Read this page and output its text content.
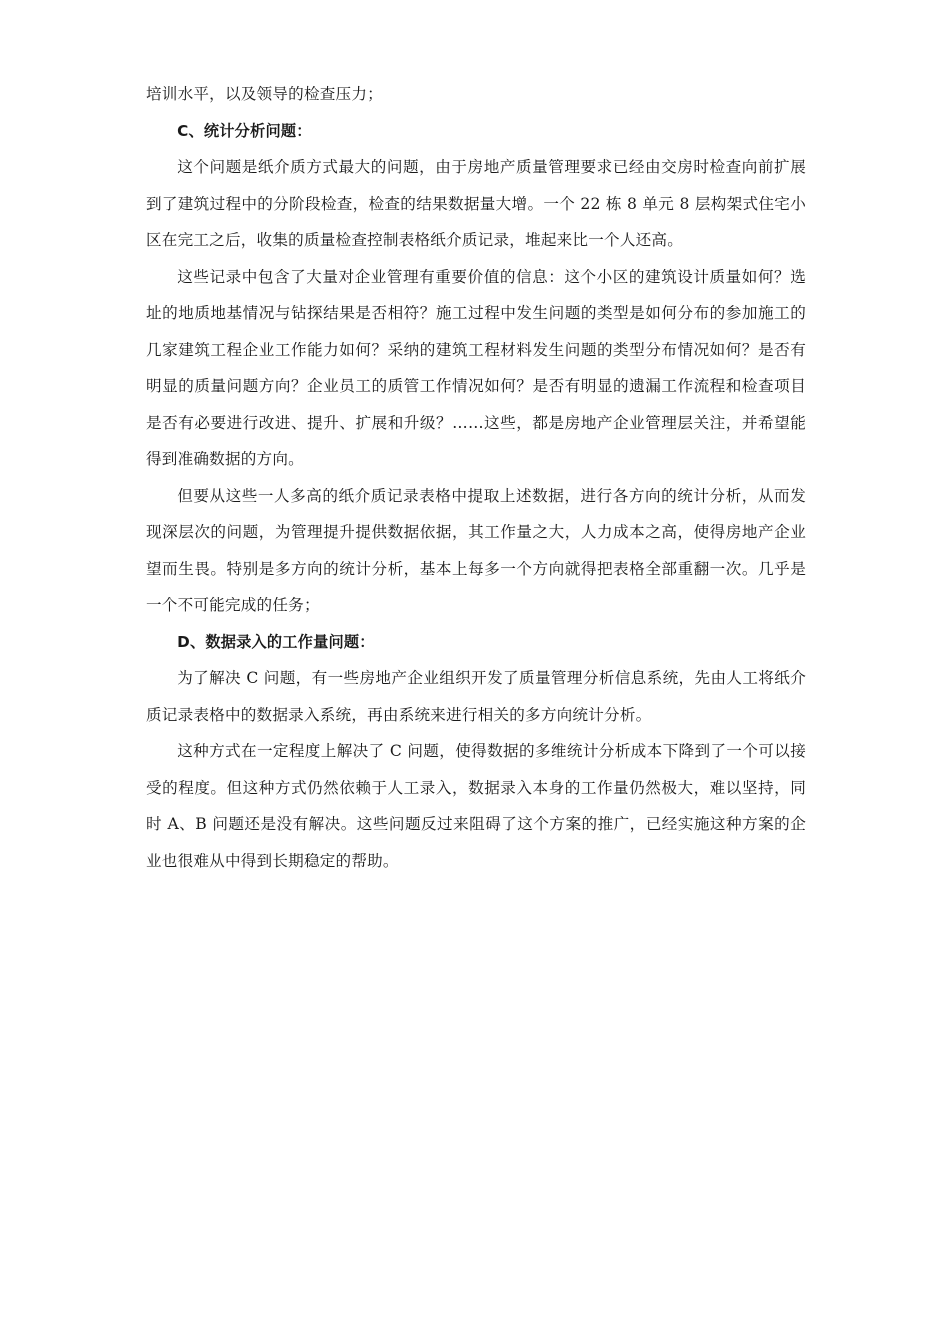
培训水平，以及领导的检查压力；

C、统计分析问题：

这个问题是纸介质方式最大的问题，由于房地产质量管理要求已经由交房时检查向前扩展到了建筑过程中的分阶段检查，检查的结果数据量大增。一个 22 栋 8 单元 8 层构架式住宅小区在完工之后，收集的质量检查控制表格纸介质记录，堆起来比一个人还高。

这些记录中包含了大量对企业管理有重要价值的信息：这个小区的建筑设计质量如何？选址的地质地基情况与钻探结果是否相符？施工过程中发生问题的类型是如何分布的参加施工的几家建筑工程企业工作能力如何？采纳的建筑工程材料发生问题的类型分布情况如何？是否有明显的质量问题方向？企业员工的质管工作情况如何？是否有明显的遗漏工作流程和检查项目是否有必要进行改进、提升、扩展和升级？……这些，都是房地产企业管理层关注，并希望能得到准确数据的方向。

但要从这些一人多高的纸介质记录表格中提取上述数据，进行各方向的统计分析，从而发现深层次的问题，为管理提升提供数据依据，其工作量之大，人力成本之高，使得房地产企业望而生畏。特别是多方向的统计分析，基本上每多一个方向就得把表格全部重翻一次。几乎是一个不可能完成的任务；

D、数据录入的工作量问题：

为了解决 C 问题，有一些房地产企业组织开发了质量管理分析信息系统，先由人工将纸介质记录表格中的数据录入系统，再由系统来进行相关的多方向统计分析。

这种方式在一定程度上解决了 C 问题，使得数据的多维统计分析成本下降到了一个可以接受的程度。但这种方式仍然依赖于人工录入，数据录入本身的工作量仍然极大，难以坚持，同时 A、B 问题还是没有解决。这些问题反过来阻碍了这个方案的推广，已经实施这种方案的企业也很难从中得到长期稳定的帮助。
